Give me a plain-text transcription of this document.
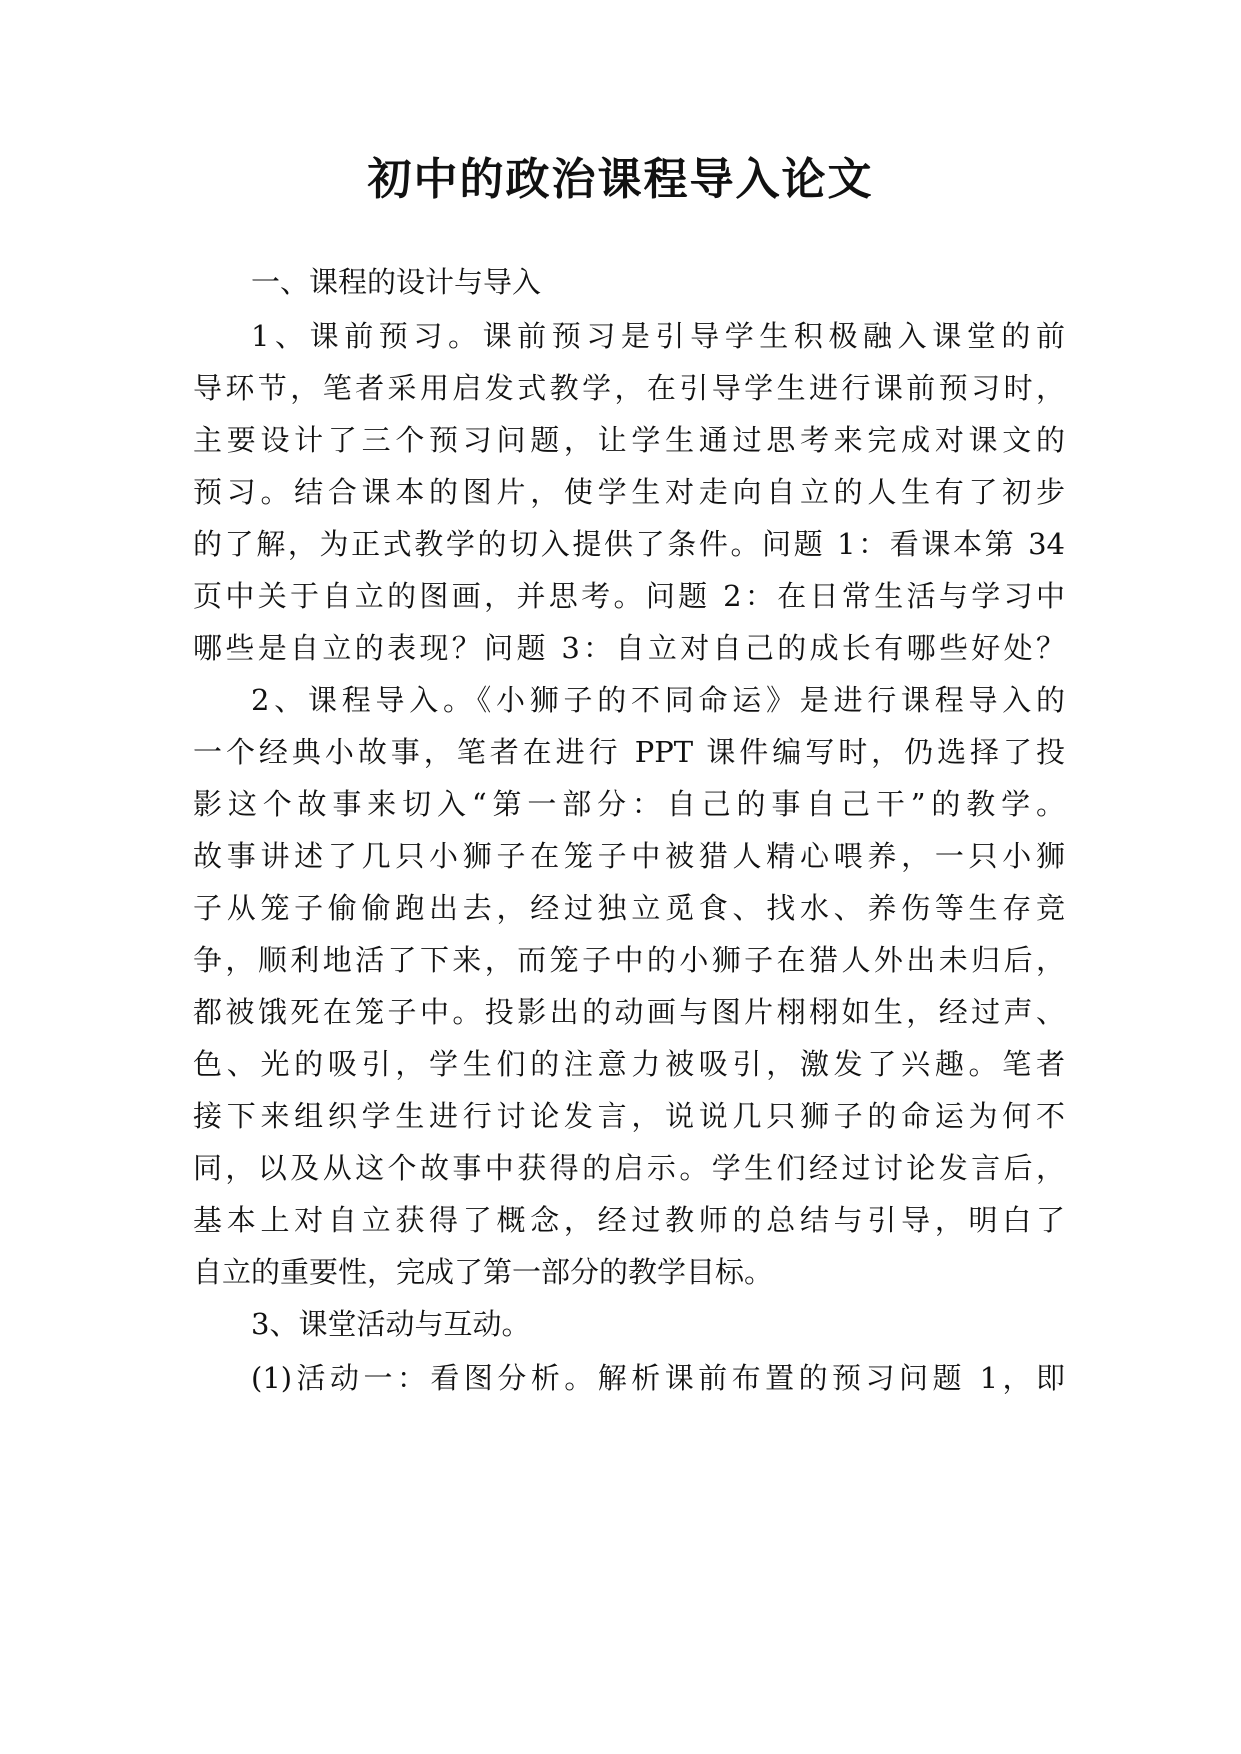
初中的政治课程导入论文
一、课程的设计与导入
1、课前预习。课前预习是引导学生积极融入课堂的前
导环节，笔者采用启发式教学，在引导学生进行课前预习时，
主要设计了三个预习问题，让学生通过思考来完成对课文的
预习。结合课本的图片，使学生对走向自立的人生有了初步
的了解，为正式教学的切入提供了条件。问题 1：看课本第 34
页中关于自立的图画，并思考。问题 2：在日常生活与学习中
哪些是自立的表现？问题 3：自立对自己的成长有哪些好处？
2、课程导入。《小狮子的不同命运》是进行课程导入的
一个经典小故事，笔者在进行 PPT 课件编写时，仍选择了投
影这个故事来切入“第一部分：自己的事自己干”的教学。
故事讲述了几只小狮子在笼子中被猎人精心喂养，一只小狮
子从笼子偷偷跑出去，经过独立觅食、找水、养伤等生存竞
争，顺利地活了下来，而笼子中的小狮子在猎人外出未归后，
都被饿死在笼子中。投影出的动画与图片栩栩如生，经过声、
色、光的吸引，学生们的注意力被吸引，激发了兴趣。笔者
接下来组织学生进行讨论发言，说说几只狮子的命运为何不
同，以及从这个故事中获得的启示。学生们经过讨论发言后，
基本上对自立获得了概念，经过教师的总结与引导，明白了
自立的重要性，完成了第一部分的教学目标。
3、课堂活动与互动。
(1)活动一：看图分析。解析课前布置的预习问题 1，即
